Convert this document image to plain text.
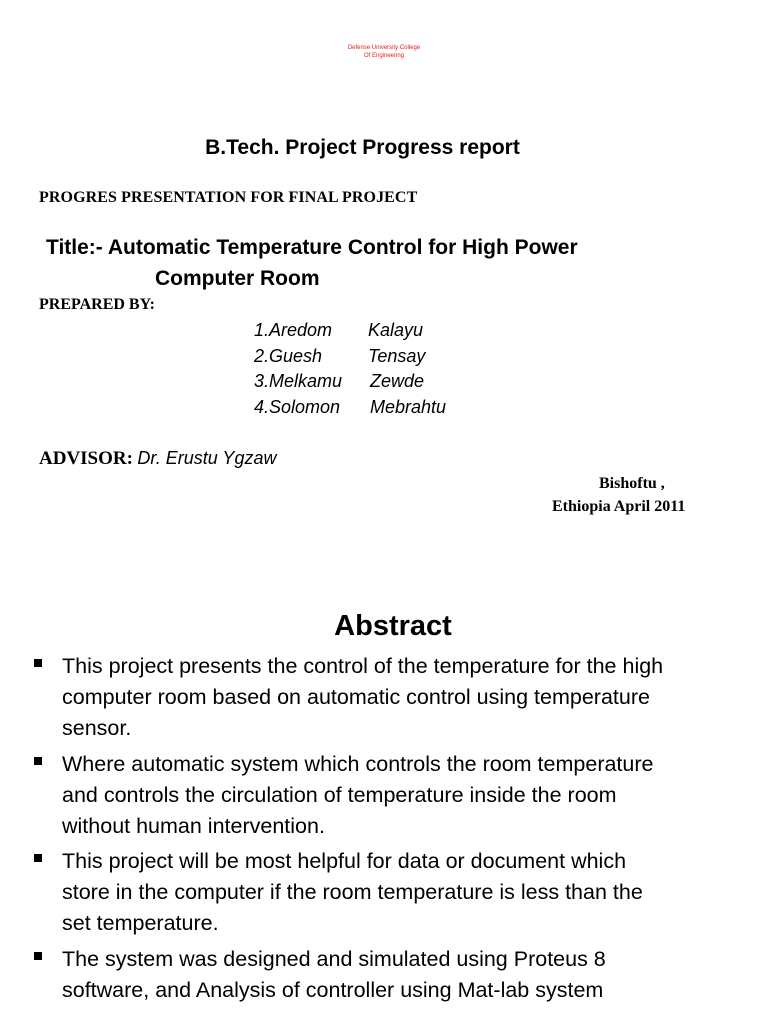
Defense University College
Of Engineering
B.Tech. Project Progress report
PROGRES PRESENTATION FOR FINAL PROJECT
Title:- Automatic Temperature Control for High Power
Computer Room
PREPARED BY:
1.Aredom Kalayu
2.Guesh	Tensay
3.Melkamu Zewde
4.Solomon Mebrahtu
ADVISOR: Dr. Erustu Ygzaw
Bishoftu ,
Ethiopia April 2011
Abstract
This project presents the control of the temperature for the high
computer room based on automatic control using temperature
sensor.
Where automatic system which controls the room temperature
and controls the circulation of temperature inside the room
without human intervention.
This project will be most helpful for data or document which
store in the computer if the room temperature is less than the
set temperature.
The system was designed and simulated using Proteus 8
software, and Analysis of controller using Mat-lab system
